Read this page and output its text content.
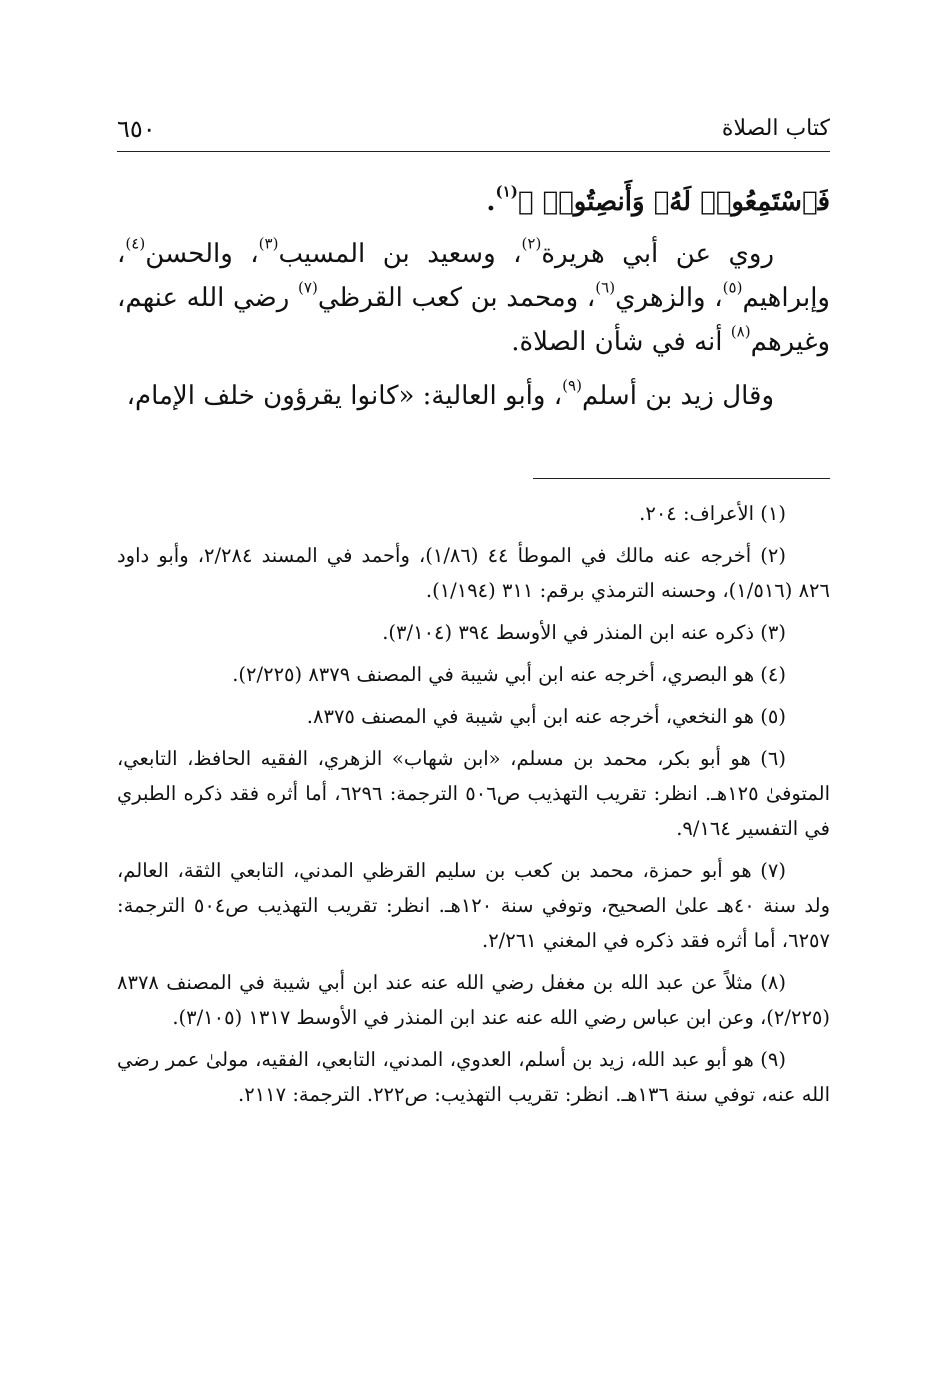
كتاب الصلاة
٦٥٠

فَٱسْتَمِعُوا۟ لَهُۥ وَأَنصِتُوا۟ ﴾$^{(١)}$.

روي عن أبي هريرة$^{(٢)}$، وسعيد بن المسيب$^{(٣)}$، والحسن$^{(٤)}$، وإبراهيم$^{(٥)}$، والزهري$^{(٦)}$، ومحمد بن كعب القرظي$^{(٧)}$ رضي الله عنهم، وغيرهم$^{(٨)}$ أنه في شأن الصلاة.

وقال زيد بن أسلم$^{(٩)}$، وأبو العالية: «كانوا يقرؤون خلف الإمام،

(١) الأعراف: ٢٠٤.

(٢) أخرجه عنه مالك في الموطأ ٤٤ (١/٨٦)، وأحمد في المسند ٢/٢٨٤، وأبو داود ٨٢٦ (١/٥١٦)، وحسنه الترمذي برقم: ٣١١ (١/١٩٤).

(٣) ذكره عنه ابن المنذر في الأوسط ٣٩٤ (٣/١٠٤).

(٤) هو البصري، أخرجه عنه ابن أبي شيبة في المصنف ٨٣٧٩ (٢/٢٢٥).

(٥) هو النخعي، أخرجه عنه ابن أبي شيبة في المصنف ٨٣٧٥.

(٦) هو أبو بكر، محمد بن مسلم، «ابن شهاب» الزهري، الفقيه الحافظ، التابعي، المتوفىٰ ١٢٥هـ. انظر: تقريب التهذيب ص٥٠٦ الترجمة: ٦٢٩٦، أما أثره فقد ذكره الطبري في التفسير ٩/١٦٤.

(٧) هو أبو حمزة، محمد بن كعب بن سليم القرظي المدني، التابعي الثقة، العالم، ولد سنة ٤٠هـ علىٰ الصحيح، وتوفي سنة ١٢٠هـ. انظر: تقريب التهذيب ص٥٠٤ الترجمة: ٦٢٥٧، أما أثره فقد ذكره في المغني ٢/٢٦١.

(٨) مثلاً عن عبد الله بن مغفل رضي الله عنه عند ابن أبي شيبة في المصنف ٨٣٧٨ (٢/٢٢٥)، وعن ابن عباس رضي الله عنه عند ابن المنذر في الأوسط ١٣١٧ (٣/١٠٥).

(٩) هو أبو عبد الله، زيد بن أسلم، العدوي، المدني، التابعي، الفقيه، مولىٰ عمر رضي الله عنه، توفي سنة ١٣٦هـ. انظر: تقريب التهذيب: ص٢٢٢. الترجمة: ٢١١٧.
